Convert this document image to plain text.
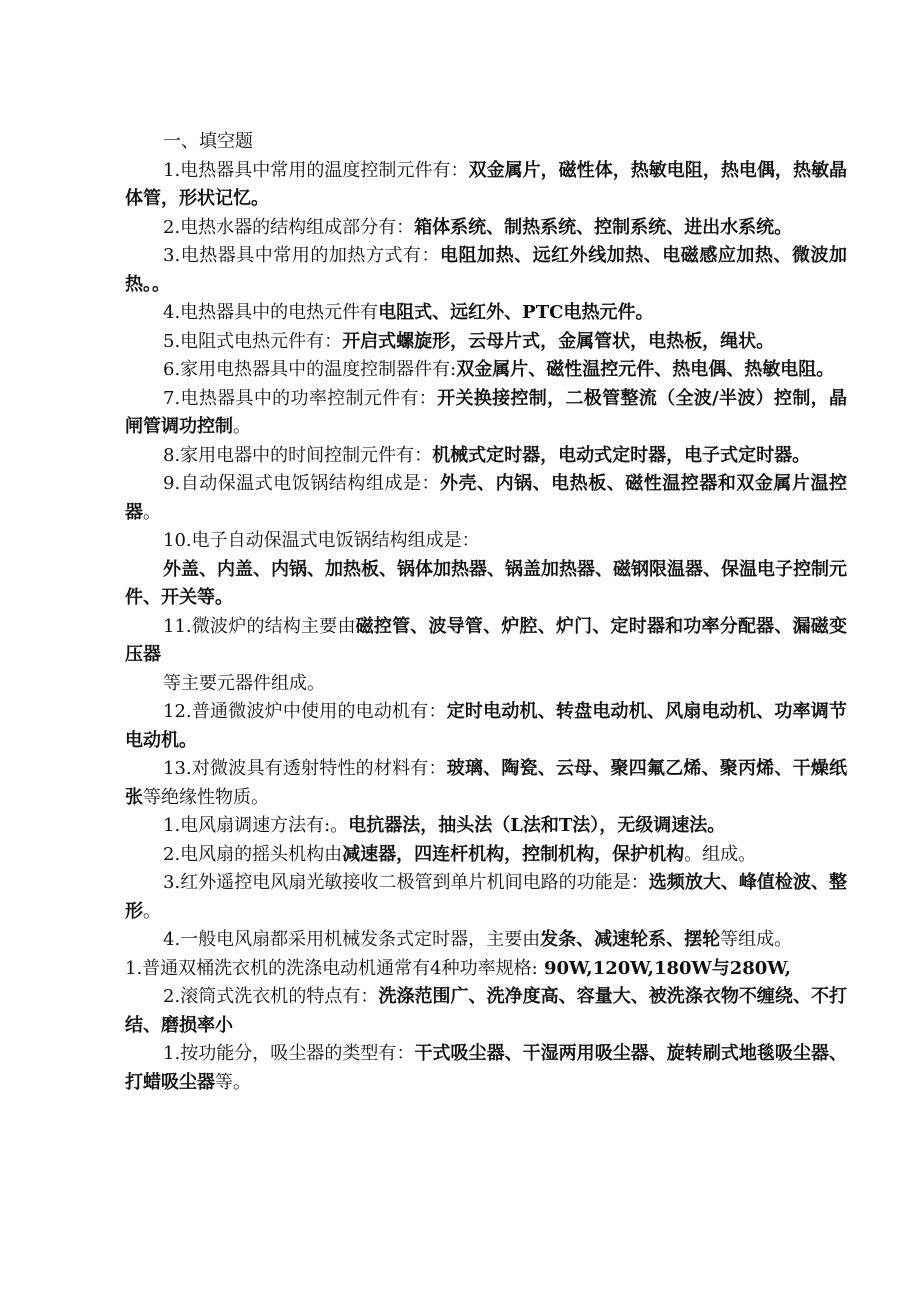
一、填空题

1.电热器具中常用的温度控制元件有：双金属片，磁性体，热敏电阻，热电偶，热敏晶体管，形状记忆。

2.电热水器的结构组成部分有：箱体系统、制热系统、控制系统、进出水系统。

3.电热器具中常用的加热方式有：电阻加热、远红外线加热、电磁感应加热、微波加热。。

4.电热器具中的电热元件有电阻式、远红外、PTC电热元件。

5.电阻式电热元件有：开启式螺旋形，云母片式，金属管状，电热板，绳状。

6.家用电热器具中的温度控制器件有:双金属片、磁性温控元件、热电偶、热敏电阻。

7.电热器具中的功率控制元件有：开关换接控制，二极管整流（全波/半波）控制，晶闸管调功控制。

8.家用电器中的时间控制元件有：机械式定时器，电动式定时器，电子式定时器。

9.自动保温式电饭锅结构组成是：外壳、内锅、电热板、磁性温控器和双金属片温控器。

10.电子自动保温式电饭锅结构组成是：

外盖、内盖、内锅、加热板、锅体加热器、锅盖加热器、磁钢限温器、保温电子控制元件、开关等。

11.微波炉的结构主要由磁控管、波导管、炉腔、炉门、定时器和功率分配器、漏磁变压器

等主要元器件组成。

12.普通微波炉中使用的电动机有：定时电动机、转盘电动机、风扇电动机、功率调节电动机。

13.对微波具有透射特性的材料有：玻璃、陶瓷、云母、聚四氟乙烯、聚丙烯、干燥纸张等绝缘性物质。

1.电风扇调速方法有:。电抗器法，抽头法（L法和T法），无级调速法。

2.电风扇的摇头机构由减速器，四连杆机构，控制机构，保护机构。组成。

3.红外遥控电风扇光敏接收二极管到单片机间电路的功能是：选频放大、峰值检波、整形。

4.一般电风扇都采用机械发条式定时器，主要由发条、减速轮系、摆轮等组成。

1.普通双桶洗衣机的洗涤电动机通常有4种功率规格: 90W,120W,180W与280W,

2.滚筒式洗衣机的特点有：洗涤范围广、洗净度高、容量大、被洗涤衣物不缠绕、不打结、磨损率小

1.按功能分，吸尘器的类型有：干式吸尘器、干湿两用吸尘器、旋转刷式地毯吸尘器、打蜡吸尘器等。
